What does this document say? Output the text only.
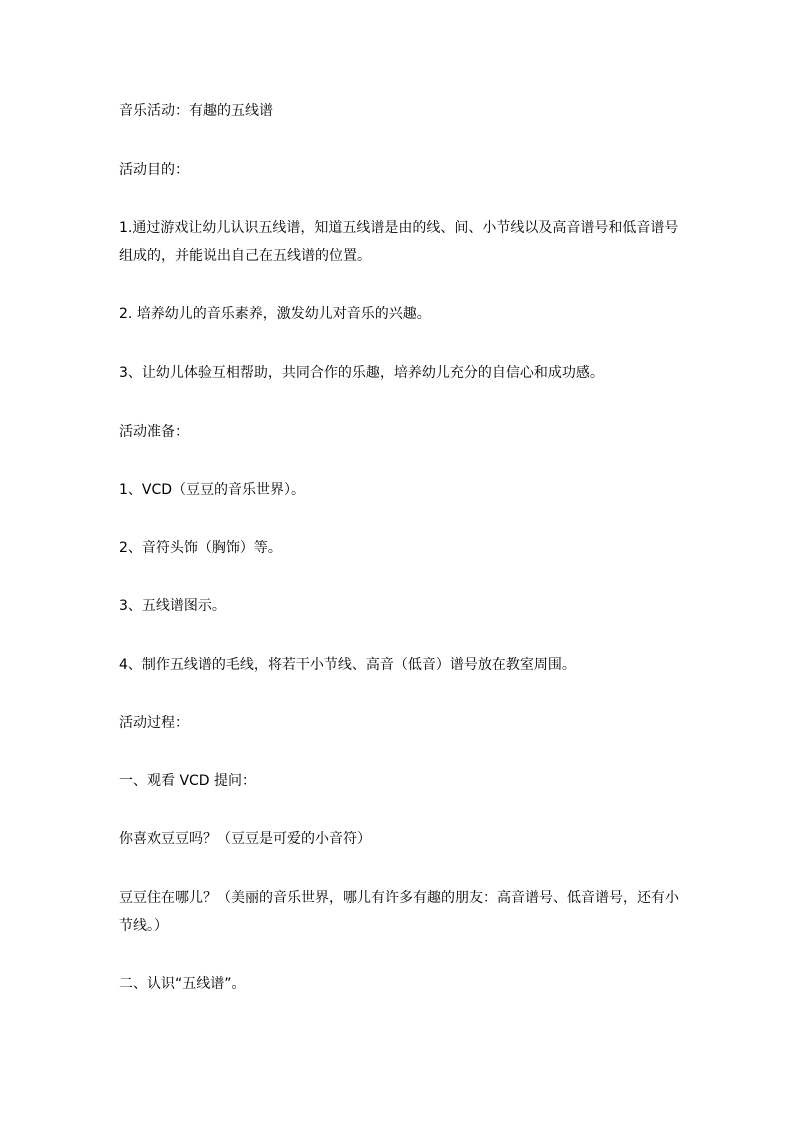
音乐活动：有趣的五线谱
活动目的：
1.通过游戏让幼儿认识五线谱，知道五线谱是由的线、间、小节线以及高音谱号和低音谱号
组成的，并能说出自己在五线谱的位置。
2. 培养幼儿的音乐素养，激发幼儿对音乐的兴趣。
3、让幼儿体验互相帮助，共同合作的乐趣，培养幼儿充分的自信心和成功感。
活动准备：
1、VCD（豆豆的音乐世界）。
2、音符头饰（胸饰）等。
3、五线谱图示。
4、制作五线谱的毛线，将若干小节线、高音（低音）谱号放在教室周围。
活动过程：
一、观看 VCD 提问：
你喜欢豆豆吗？（豆豆是可爱的小音符）
豆豆住在哪儿？（美丽的音乐世界，哪儿有许多有趣的朋友：高音谱号、低音谱号，还有小
节线。）
二、认识“五线谱”。
